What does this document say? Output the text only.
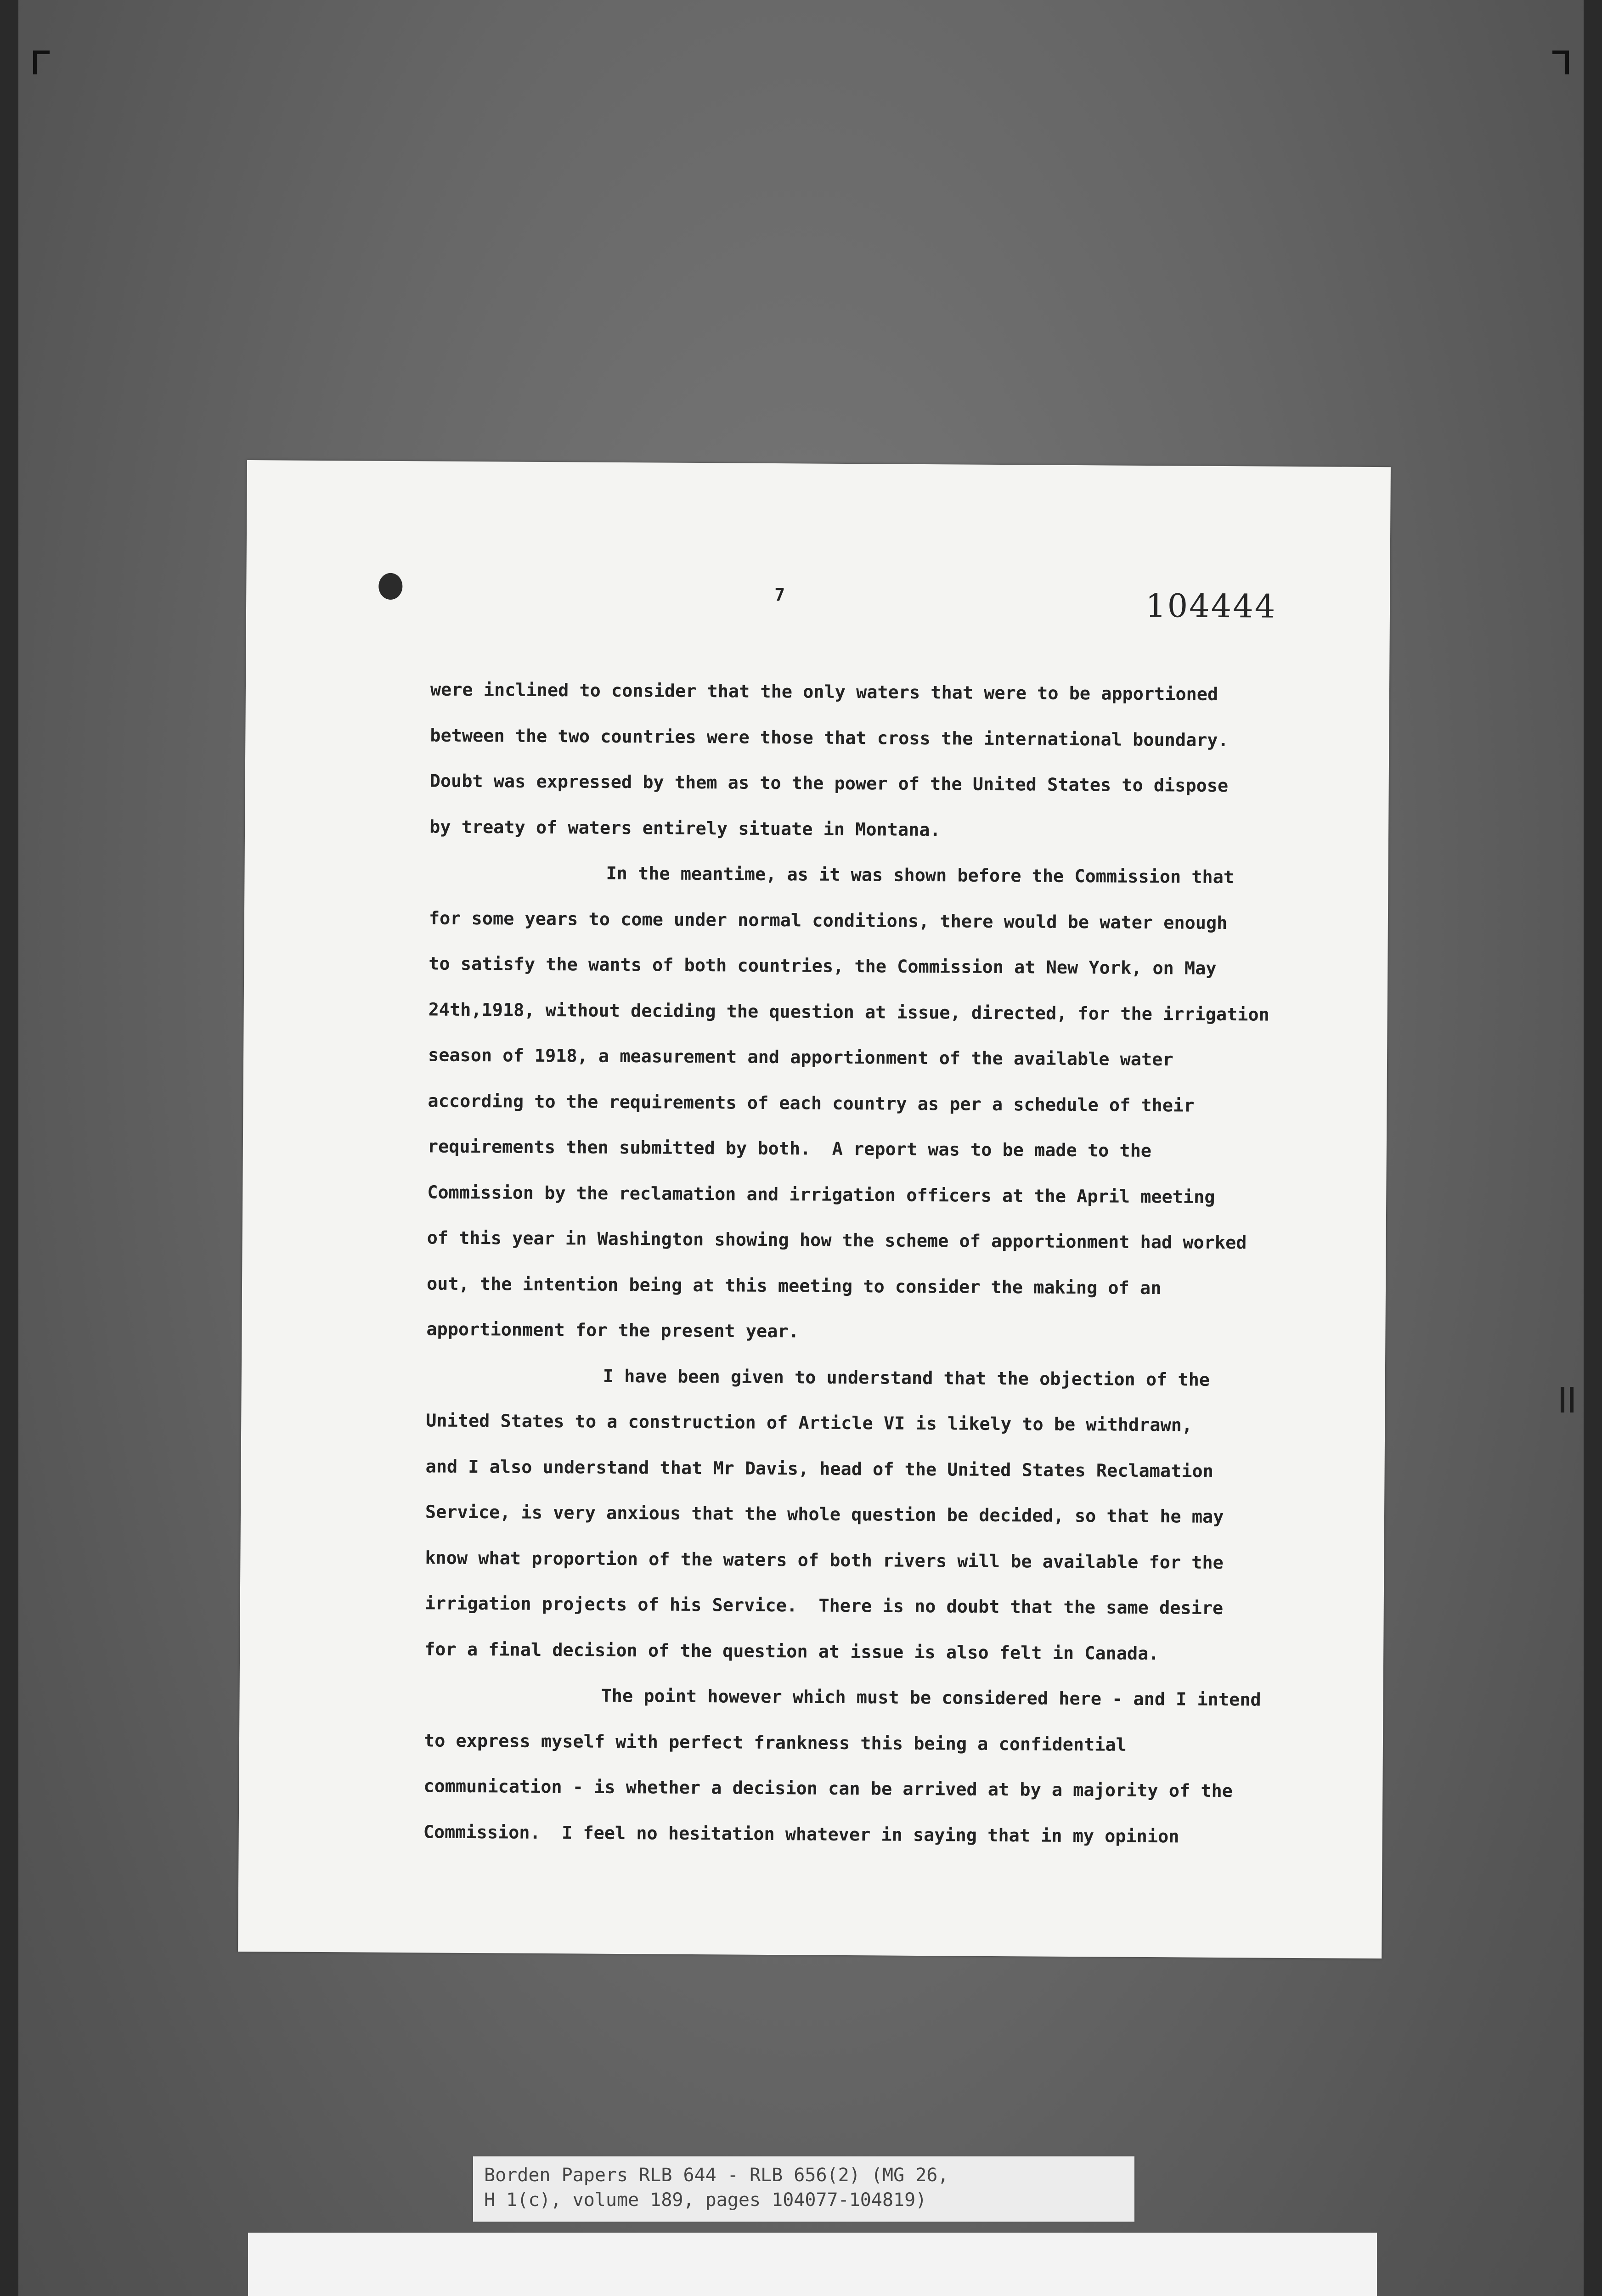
7	104444
were inclined to consider that the only waters that were to be apportioned
between the two countries were those that cross the international boundary.
Doubt was expressed by them as to the power of the United States to dispose
by treaty of waters entirely situate in Montana.
In the meantime, as it was shown before the Commission that
for some years to come under normal conditions, there would be water enough
to satisfy the wants of both countries, the Commission at New York, on May
24th,1918, without deciding the question at issue, directed, for the irrigation
season of 1918, a measurement and apportionment of the available water
according to the requirements of each country as per a schedule of their
requirements then submitted by both.  A report was to be made to the
Commission by the reclamation and irrigation officers at the April meeting
of this year in Washington showing how the scheme of apportionment had worked
out, the intention being at this meeting to consider the making of an
apportionment for the present year.
I have been given to understand that the objection of the
United States to a construction of Article VI is likely to be withdrawn,
and I also understand that Mr Davis, head of the United States Reclamation
Service, is very anxious that the whole question be decided, so that he may
know what proportion of the waters of both rivers will be available for the
irrigation projects of his Service.  There is no doubt that the same desire
for a final decision of the question at issue is also felt in Canada.
The point however which must be considered here - and I intend
to express myself with perfect frankness this being a confidential
communication - is whether a decision can be arrived at by a majority of the
Commission.  I feel no hesitation whatever in saying that in my opinion
Borden Papers RLB 644 - RLB 656(2) (MG 26,
H 1(c), volume 189, pages 104077-104819)
